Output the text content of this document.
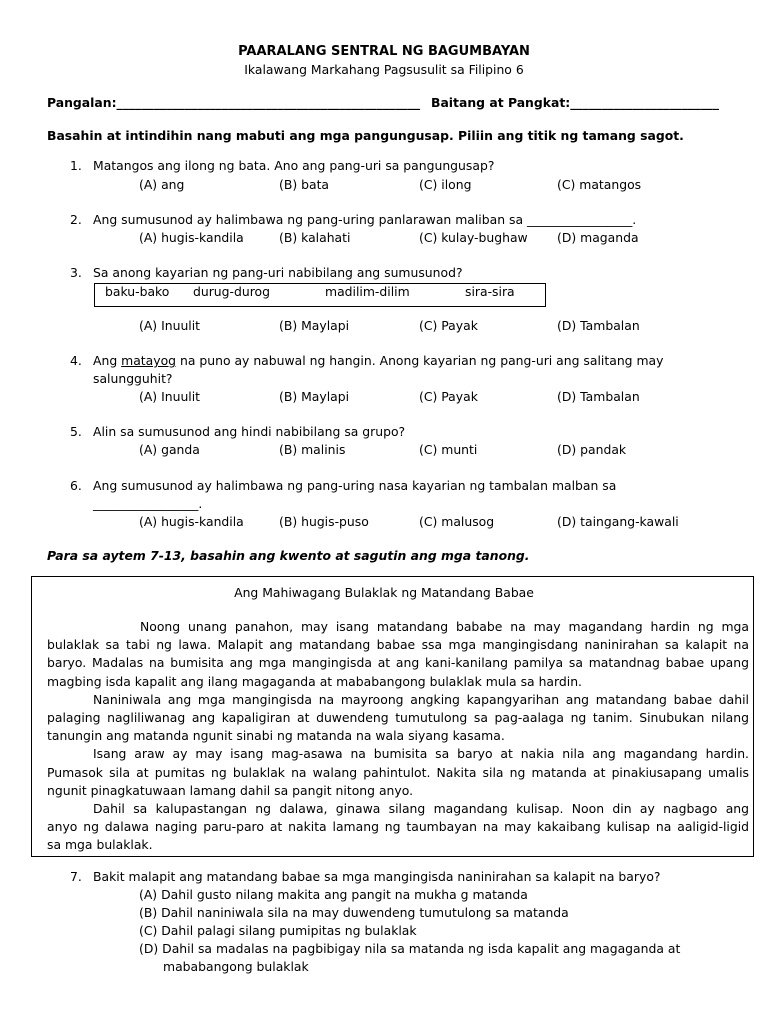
PAARALANG SENTRAL NG BAGUMBAYAN
Ikalawang Markahang Pagsusulit sa Filipino 6
Pangalan:_________________________________________________ Baitang at Pangkat:________________________
Basahin at intindihin nang mabuti ang mga pangungusap. Piliin ang titik ng tamang sagot.
1. Matangos ang ilong ng bata. Ano ang pang-uri sa pangungusap?
(A) ang	(B) bata	(C) ilong	(C) matangos
2. Ang sumusunod ay halimbawa ng pang-uring panlarawan maliban sa _________________.
(A) hugis-kandila	(B) kalahati	(C) kulay-bughaw (D) maganda
3. Sa anong kayarian ng pang-uri nabibilang ang sumusunod?
baku-bako durug-durog	madilim-dilim	sira-sira
(A) Inuulit	(B) Maylapi	(C) Payak	(D) Tambalan
4. Ang matayog na puno ay nabuwal ng hangin. Anong kayarian ng pang-uri ang salitang may
salungguhit?
(A) Inuulit	(B) Maylapi	(C) Payak	(D) Tambalan
5. Alin sa sumusunod ang hindi nabibilang sa grupo?
(A) ganda	(B) malinis	(C) munti	(D) pandak
6. Ang sumusunod ay halimbawa ng pang-uring nasa kayarian ng tambalan malban sa
_________________.
(A) hugis-kandila	(B) hugis-puso	(C) malusog	(D) taingang-kawali
Para sa aytem 7-13, basahin ang kwento at sagutin ang mga tanong.
Ang Mahiwagang Bulaklak ng Matandang Babae
Noong unang panahon, may isang matandang bababe na may magandang hardin ng mga
bulaklak sa tabi ng lawa. Malapit ang matandang babae ssa mga mangingisdang naninirahan sa kalapit na
baryo. Madalas na bumisita ang mga mangingisda at ang kani-kanilang pamilya sa matandnag babae upang
magbing isda kapalit ang ilang magaganda at mababangong bulaklak mula sa hardin.
Naniniwala ang mga mangingisda na mayroong angking kapangyarihan ang matandang babae dahil
palaging nagliliwanag ang kapaligiran at duwendeng tumutulong sa pag-aalaga ng tanim. Sinubukan nilang
tanungin ang matanda ngunit sinabi ng matanda na wala siyang kasama.
Isang araw ay may isang mag-asawa na bumisita sa baryo at nakia nila ang magandang hardin.
Pumasok sila at pumitas ng bulaklak na walang pahintulot. Nakita sila ng matanda at pinakiusapang umalis
ngunit pinagkatuwaan lamang dahil sa pangit nitong anyo.
Dahil sa kalupastangan ng dalawa, ginawa silang magandang kulisap. Noon din ay nagbago ang
anyo ng dalawa naging paru-paro at nakita lamang ng taumbayan na may kakaibang kulisap na aaligid-ligid
sa mga bulaklak.
7. Bakit malapit ang matandang babae sa mga mangingisda naninirahan sa kalapit na baryo?
(A) Dahil gusto nilang makita ang pangit na mukha g matanda
(B) Dahil naniniwala sila na may duwendeng tumutulong sa matanda
(C) Dahil palagi silang pumipitas ng bulaklak
(D) Dahil sa madalas na pagbibigay nila sa matanda ng isda kapalit ang magaganda at
mababangong bulaklak
